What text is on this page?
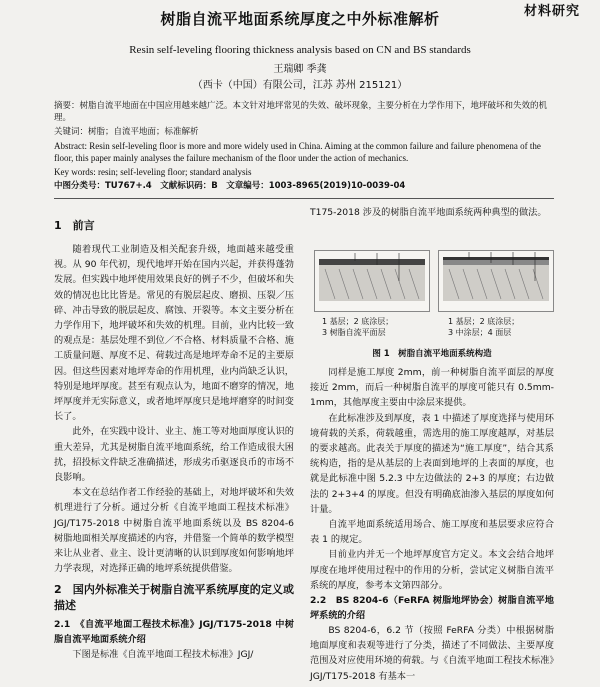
材料研究
树脂自流平地面系统厚度之中外标准解析
Resin self-leveling flooring thickness analysis based on CN and BS standards
王瑞卿 季龚
（西卡（中国）有限公司，江苏 苏州 215121）
摘要：树脂自流平地面在中国应用越来越广泛。本文针对地坪常见的失效、破坏现象，主要分析在力学作用下，地坪破坏和失效的机理。
关键词：树脂；自流平地面；标准解析
Abstract: Resin self-leveling floor is more and more widely used in China. Aiming at the common failure and failure phenomena of the floor, this paper mainly analyses the failure mechanism of the floor under the action of mechanics.
Key words: resin; self-leveling floor; standard analysis
中图分类号：TU767+.4　文献标识码：B　文章编号：1003-8965(2019)10-0039-04
1　前言

随着现代工业制造及相关配套升级，地面越来越受重视。从 90 年代初，现代地坪开始在国内兴起，并获得蓬勃发展。但实践中地坪使用效果良好的例子不少，但破坏和失效的情况也比比皆是。常见的有脱层起皮、磨损、压裂／压碎、冲击导致的脱层起皮、腐蚀、开裂等。本文主要分析在力学作用下，地坪破坏和失效的机理。目前，业内比较一致的观点是：基层处理不到位／不合格、材料质量不合格、施工质量问题、厚度不足、荷载过高是地坪寿命不足的主要原因。但这些因素对地坪寿命的作用机理，业内尚缺乏认识，特别是地坪厚度。甚至有观点认为，地面不磨穿的情况，地坪厚度并无实际意义，或者地坪厚度只是地坪磨穿的时间变长了。

此外，在实践中设计、业主、施工等对地面厚度认识的重大差异，尤其是树脂自流平地面系统，给工作造成很大困扰，招投标文件缺乏准确描述，形成劣币驱逐良币的市场不良影响。

本文在总结作者工作经验的基础上，对地坪破坏和失效机理进行了分析。通过分析《自流平地面工程技术标准》JGJ/T175-2018 中树脂自流平地面系统以及 BS 8204-6 树脂地面相关厚度描述的内容，并借鉴一个简单的数学模型来让从业者、业主、设计更清晰的认识到厚度如何影响地坪力学表现，对选择正确的地坪系统提供借鉴。

2　国内外标准关于树脂自流平系统厚度的定义或描述
2.1　《自流平地面工程技术标准》JGJ/T175-2018 中树脂自流平地面系统介绍

下图是标准《自流平地面工程技术标准》JGJ/

T175-2018 涉及的树脂自流平地面系统两种典型的做法。

1 基层；2 底涂层；
3 树脂自流平面层
1 基层；2 底涂层；
3 中涂层；4 面层
图 1　树脂自流平地面系统构造

同样是施工厚度 2mm，前一种树脂自流平面层的厚度接近 2mm，而后一种树脂自流平的厚度可能只有 0.5mm-1mm，其他厚度主要由中涂层来提供。

在此标准涉及到厚度，表 1 中描述了厚度选择与使用环境荷载的关系，荷载越重，需选用的施工厚度越厚，对基层的要求越高。此表关于厚度的描述为“施工厚度”，结合其系统构造，指的是从基层的上表面到地坪的上表面的厚度，也就是此标准中图 5.2.3 中左边做法的 2+3 的厚度；右边做法的 2+3+4 的厚度。但没有明确底油渗入基层的厚度如何计量。

自流平地面系统适用场合、施工厚度和基层要求应符合表 1 的规定。

目前业内并无一个地坪厚度官方定义。本文会结合地坪厚度在地坪使用过程中的作用的分析，尝试定义树脂自流平系统的厚度，参考本文第四部分。

2.2　BS 8204-6（FeRFA 树脂地坪协会）树脂自流平地坪系统的介绍

BS 8204-6，6.2 节（按照 FeRFA 分类）中根据树脂地面厚度和表观等进行了分类，描述了不同做法、主要厚度范围及对应使用环境的荷载。与《自流平地面工程技术标准》JGJ/T175-2018 有基本一
